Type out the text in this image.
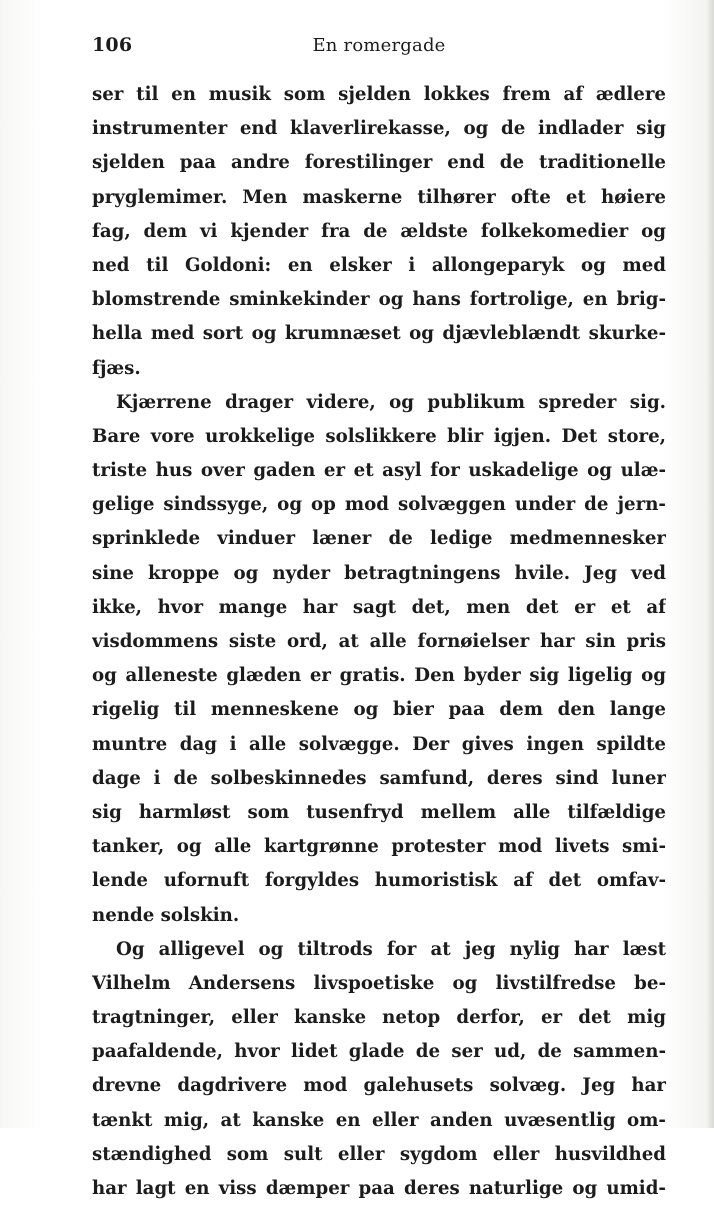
106	En romergade
ser til en musik som sjelden lokkes frem af ædlere
instrumenter end klaverlirekasse, og de indlader sig
sjelden paa andre forestilinger end de traditionelle
pryglemimer. Men maskerne tilhører ofte et høiere
fag, dem vi kjender fra de ældste folkekomedier og
ned til Goldoni: en elsker i allongeparyk og med
blomstrende sminkekinder og hans fortrolige, en brig-
hella med sort og krumnæset og djævleblændt skurke-
fjæs.
Kjærrene drager videre, og publikum spreder sig.
Bare vore urokkelige solslikkere blir igjen. Det store,
triste hus over gaden er et asyl for uskadelige og ulæ-
gelige sindssyge, og op mod solvæggen under de jern-
sprinklede vinduer læner de ledige medmennesker
sine kroppe og nyder betragtningens hvile. Jeg ved
ikke, hvor mange har sagt det, men det er et af
visdommens siste ord, at alle fornøielser har sin pris
og alleneste glæden er gratis. Den byder sig ligelig og
rigelig til menneskene og bier paa dem den lange
muntre dag i alle solvægge. Der gives ingen spildte
dage i de solbeskinnedes samfund, deres sind luner
sig harmløst som tusenfryd mellem alle tilfældige
tanker, og alle kartgrønne protester mod livets smi-
lende ufornuft forgyldes humoristisk af det omfav-
nende solskin.
Og alligevel og tiltrods for at jeg nylig har læst
Vilhelm Andersens livspoetiske og livstilfredse be-
tragtninger, eller kanske netop derfor, er det mig
paafaldende, hvor lidet glade de ser ud, de sammen-
drevne dagdrivere mod galehusets solvæg. Jeg har
tænkt mig, at kanske en eller anden uvæsentlig om-
stændighed som sult eller sygdom eller husvildhed
har lagt en viss dæmper paa deres naturlige og umid-
